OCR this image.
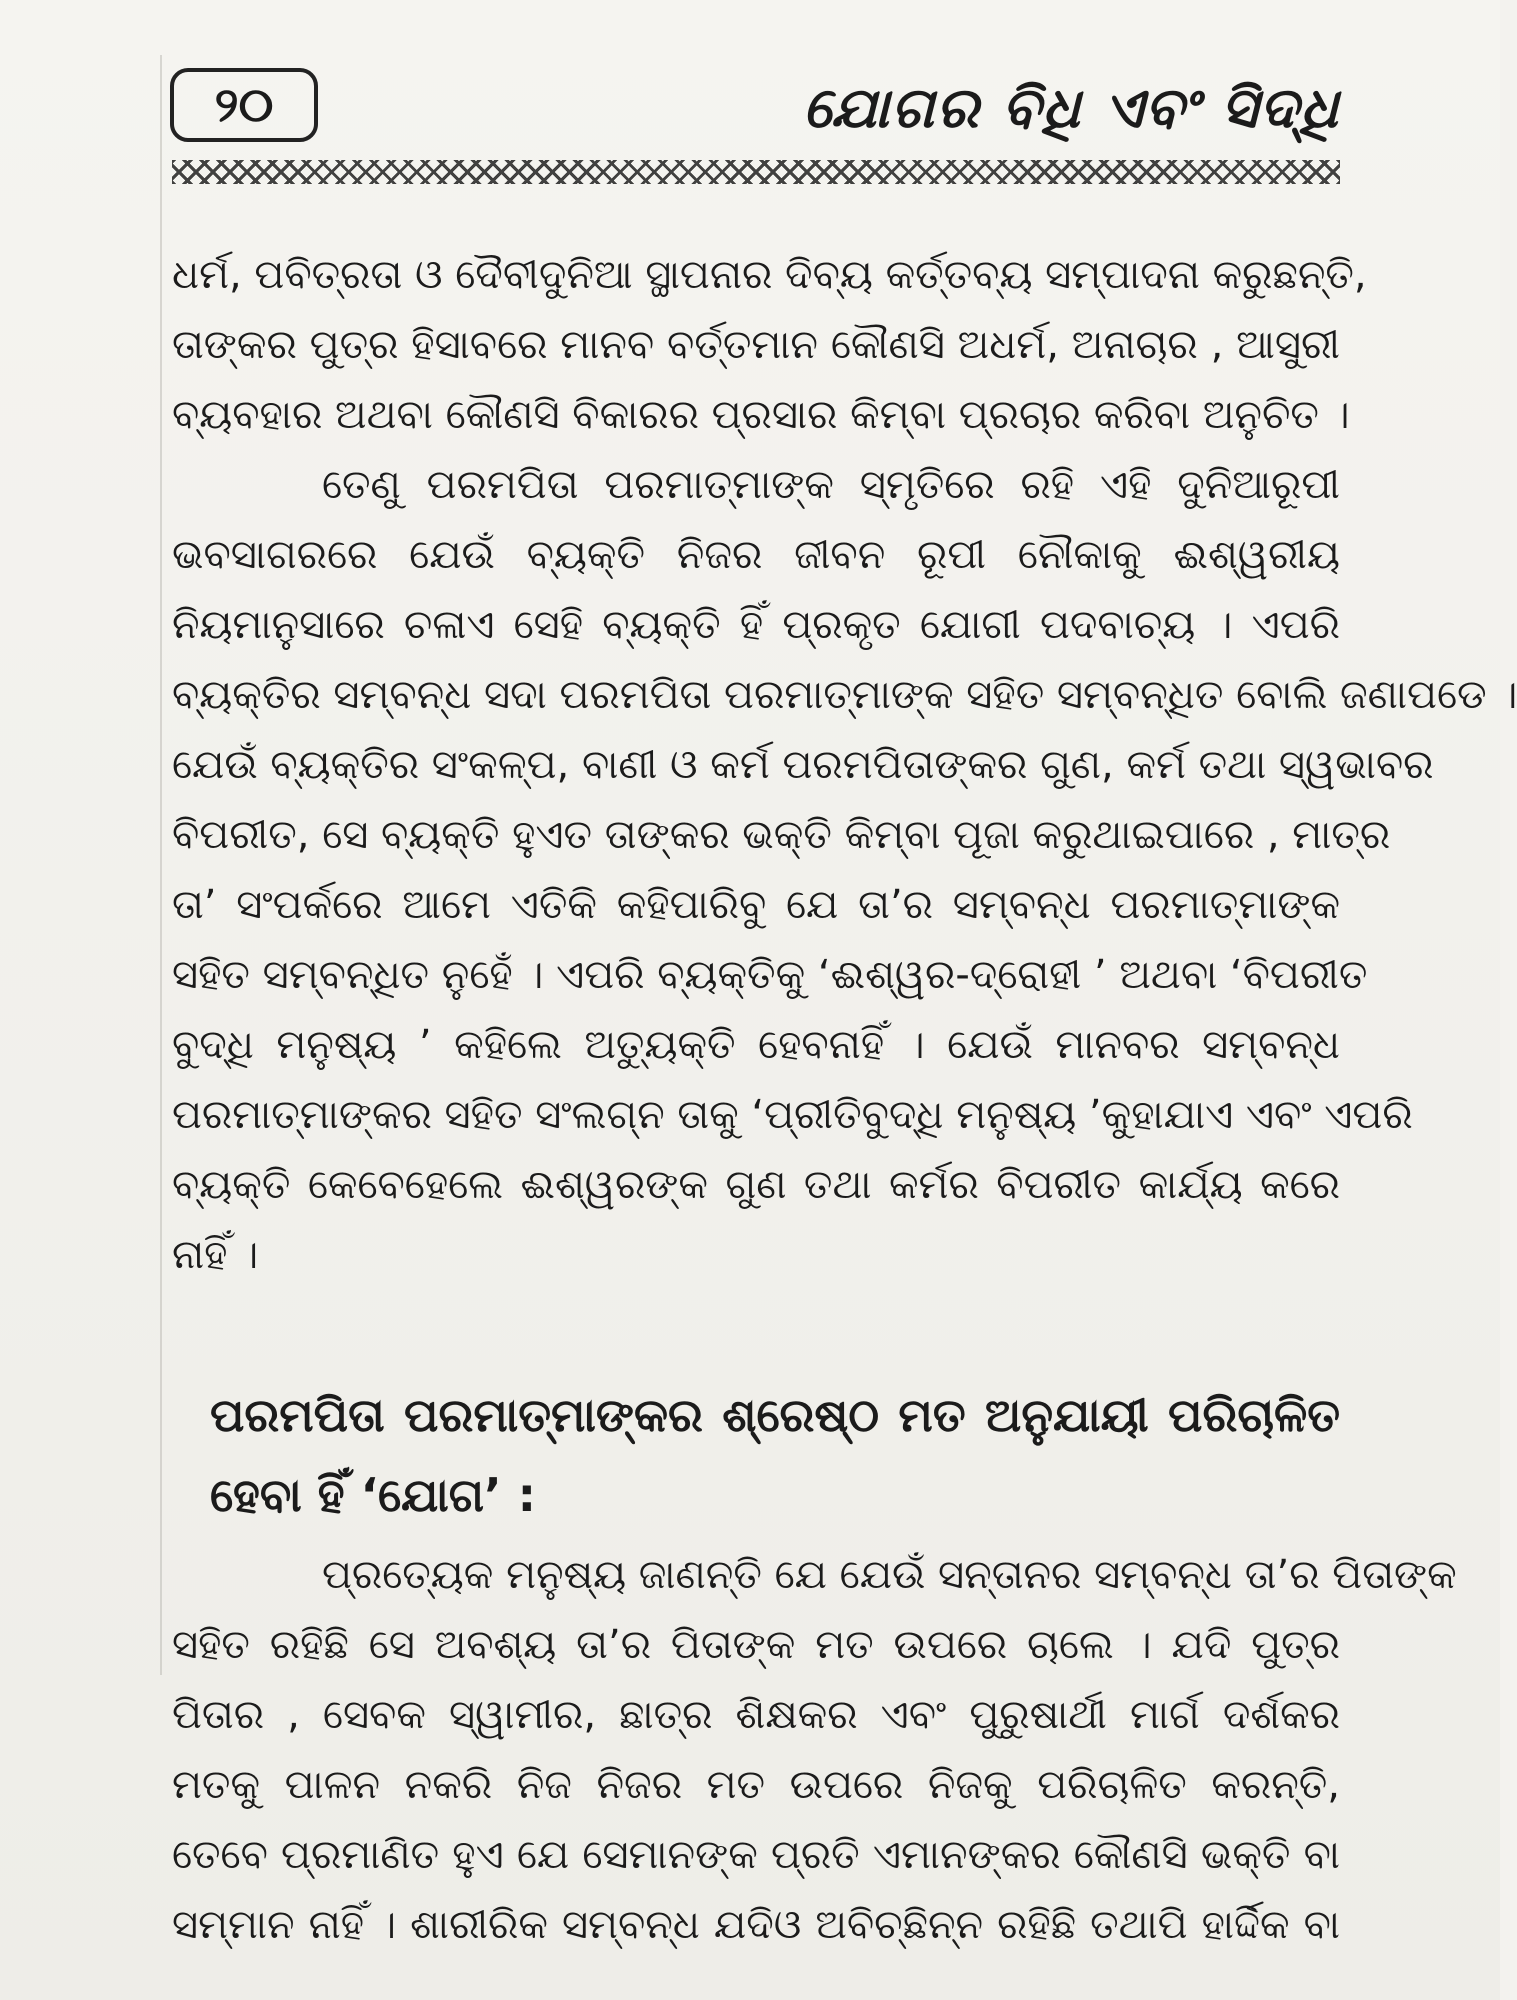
୨୦	ଯୋଗର ବିଧି ଏବଂ ସିଦ୍ଧି
ଧର୍ମ, ପବିତ୍ରତା ଓ ଦୈବୀଦୁନିଆ ସ୍ଥାପନାର ଦିବ୍ୟ କର୍ତ୍ତବ୍ୟ ସମ୍ପାଦନା କରୁଛନ୍ତି,
ତାଙ୍କର ପୁତ୍ର ହିସାବରେ ମାନବ ବର୍ତ୍ତମାନ କୌଣସି ଅଧର୍ମ, ଅନାଚାର , ଆସୁରୀ
ବ୍ୟବହାର ଅଥବା କୌଣସି ବିକାରର ପ୍ରସାର କିମ୍ବା ପ୍ରଚାର କରିବା ଅନୁଚିତ ।
ତେଣୁ ପରମପିତା ପରମାତ୍ମାଙ୍କ ସ୍ମୃତିରେ ରହି ଏହି ଦୁନିଆରୂପୀ
ଭବସାଗରରେ ଯେଉଁ ବ୍ୟକ୍ତି ନିଜର ଜୀବନ ରୂପୀ ନୌକାକୁ ଈଶ୍ୱରୀୟ
ନିୟମାନୁସାରେ ଚଳାଏ ସେହି ବ୍ୟକ୍ତି ହିଁ ପ୍ରକୃତ ଯୋଗୀ ପଦବାଚ୍ୟ । ଏପରି
ବ୍ୟକ୍ତିର ସମ୍ବନ୍ଧ ସଦା ପରମପିତା ପରମାତ୍ମାଙ୍କ ସହିତ ସମ୍ବନ୍ଧିତ ବୋଲି ଜଣାପଡେ ।
ଯେଉଁ ବ୍ୟକ୍ତିର ସଂକଳ୍ପ, ବାଣୀ ଓ କର୍ମ ପରମପିତାଙ୍କର ଗୁଣ, କର୍ମ ତଥା ସ୍ୱଭାବର
ବିପରୀତ, ସେ ବ୍ୟକ୍ତି ହୁଏତ ତାଙ୍କର ଭକ୍ତି କିମ୍ବା ପୂଜା କରୁଥାଇପାରେ , ମାତ୍ର
ତା’ ସଂପର୍କରେ ଆମେ ଏତିକି କହିପାରିବୁ ଯେ ତା’ର ସମ୍ବନ୍ଧ ପରମାତ୍ମାଙ୍କ
ସହିତ ସମ୍ବନ୍ଧିତ ନୁହେଁ । ଏପରି ବ୍ୟକ୍ତିକୁ ‘ଈଶ୍ୱର-ଦ୍ରୋହୀ ’ ଅଥବା ‘ବିପରୀତ
ବୁଦ୍ଧି ମନୁଷ୍ୟ ’ କହିଲେ ଅତ୍ୟୁକ୍ତି ହେବନାହିଁ । ଯେଉଁ ମାନବର ସମ୍ବନ୍ଧ
ପରମାତ୍ମାଙ୍କର ସହିତ ସଂଲଗ୍ନ ତାକୁ ‘ପ୍ରୀତିବୁଦ୍ଧି ମନୁଷ୍ୟ ’କୁହାଯାଏ ଏବଂ ଏପରି
ବ୍ୟକ୍ତି କେବେହେଲେ ଈଶ୍ୱରଙ୍କ ଗୁଣ ତଥା କର୍ମର ବିପରୀତ କାର୍ଯ୍ୟ କରେ
ନାହିଁ ।
ପରମପିତା ପରମାତ୍ମାଙ୍କର ଶ୍ରେଷ୍ଠ ମତ ଅନୁଯାୟୀ ପରିଚାଳିତ
ହେବା ହିଁ ‘ଯୋଗ’ :
ପ୍ରତ୍ୟେକ ମନୁଷ୍ୟ ଜାଣନ୍ତି ଯେ ଯେଉଁ ସନ୍ତାନର ସମ୍ବନ୍ଧ ତା’ର ପିତାଙ୍କ
ସହିତ ରହିଛି ସେ ଅବଶ୍ୟ ତା’ର ପିତାଙ୍କ ମତ ଉପରେ ଚାଲେ । ଯଦି ପୁତ୍ର
ପିତାର , ସେବକ ସ୍ୱାମୀର, ଛାତ୍ର ଶିକ୍ଷକର ଏବଂ ପୁରୁଷାର୍ଥୀ ମାର୍ଗ ଦର୍ଶକର
ମତକୁ ପାଳନ ନକରି ନିଜ ନିଜର ମତ ଉପରେ ନିଜକୁ ପରିଚାଳିତ କରନ୍ତି,
ତେବେ ପ୍ରମାଣିତ ହୁଏ ଯେ ସେମାନଙ୍କ ପ୍ରତି ଏମାନଙ୍କର କୌଣସି ଭକ୍ତି ବା
ସମ୍ମାନ ନାହିଁ । ଶାରୀରିକ ସମ୍ବନ୍ଧ ଯଦିଓ ଅବିଚ୍ଛିନ୍ନ ରହିଛି ତଥାପି ହାର୍ଦ୍ଦିକ ବା
